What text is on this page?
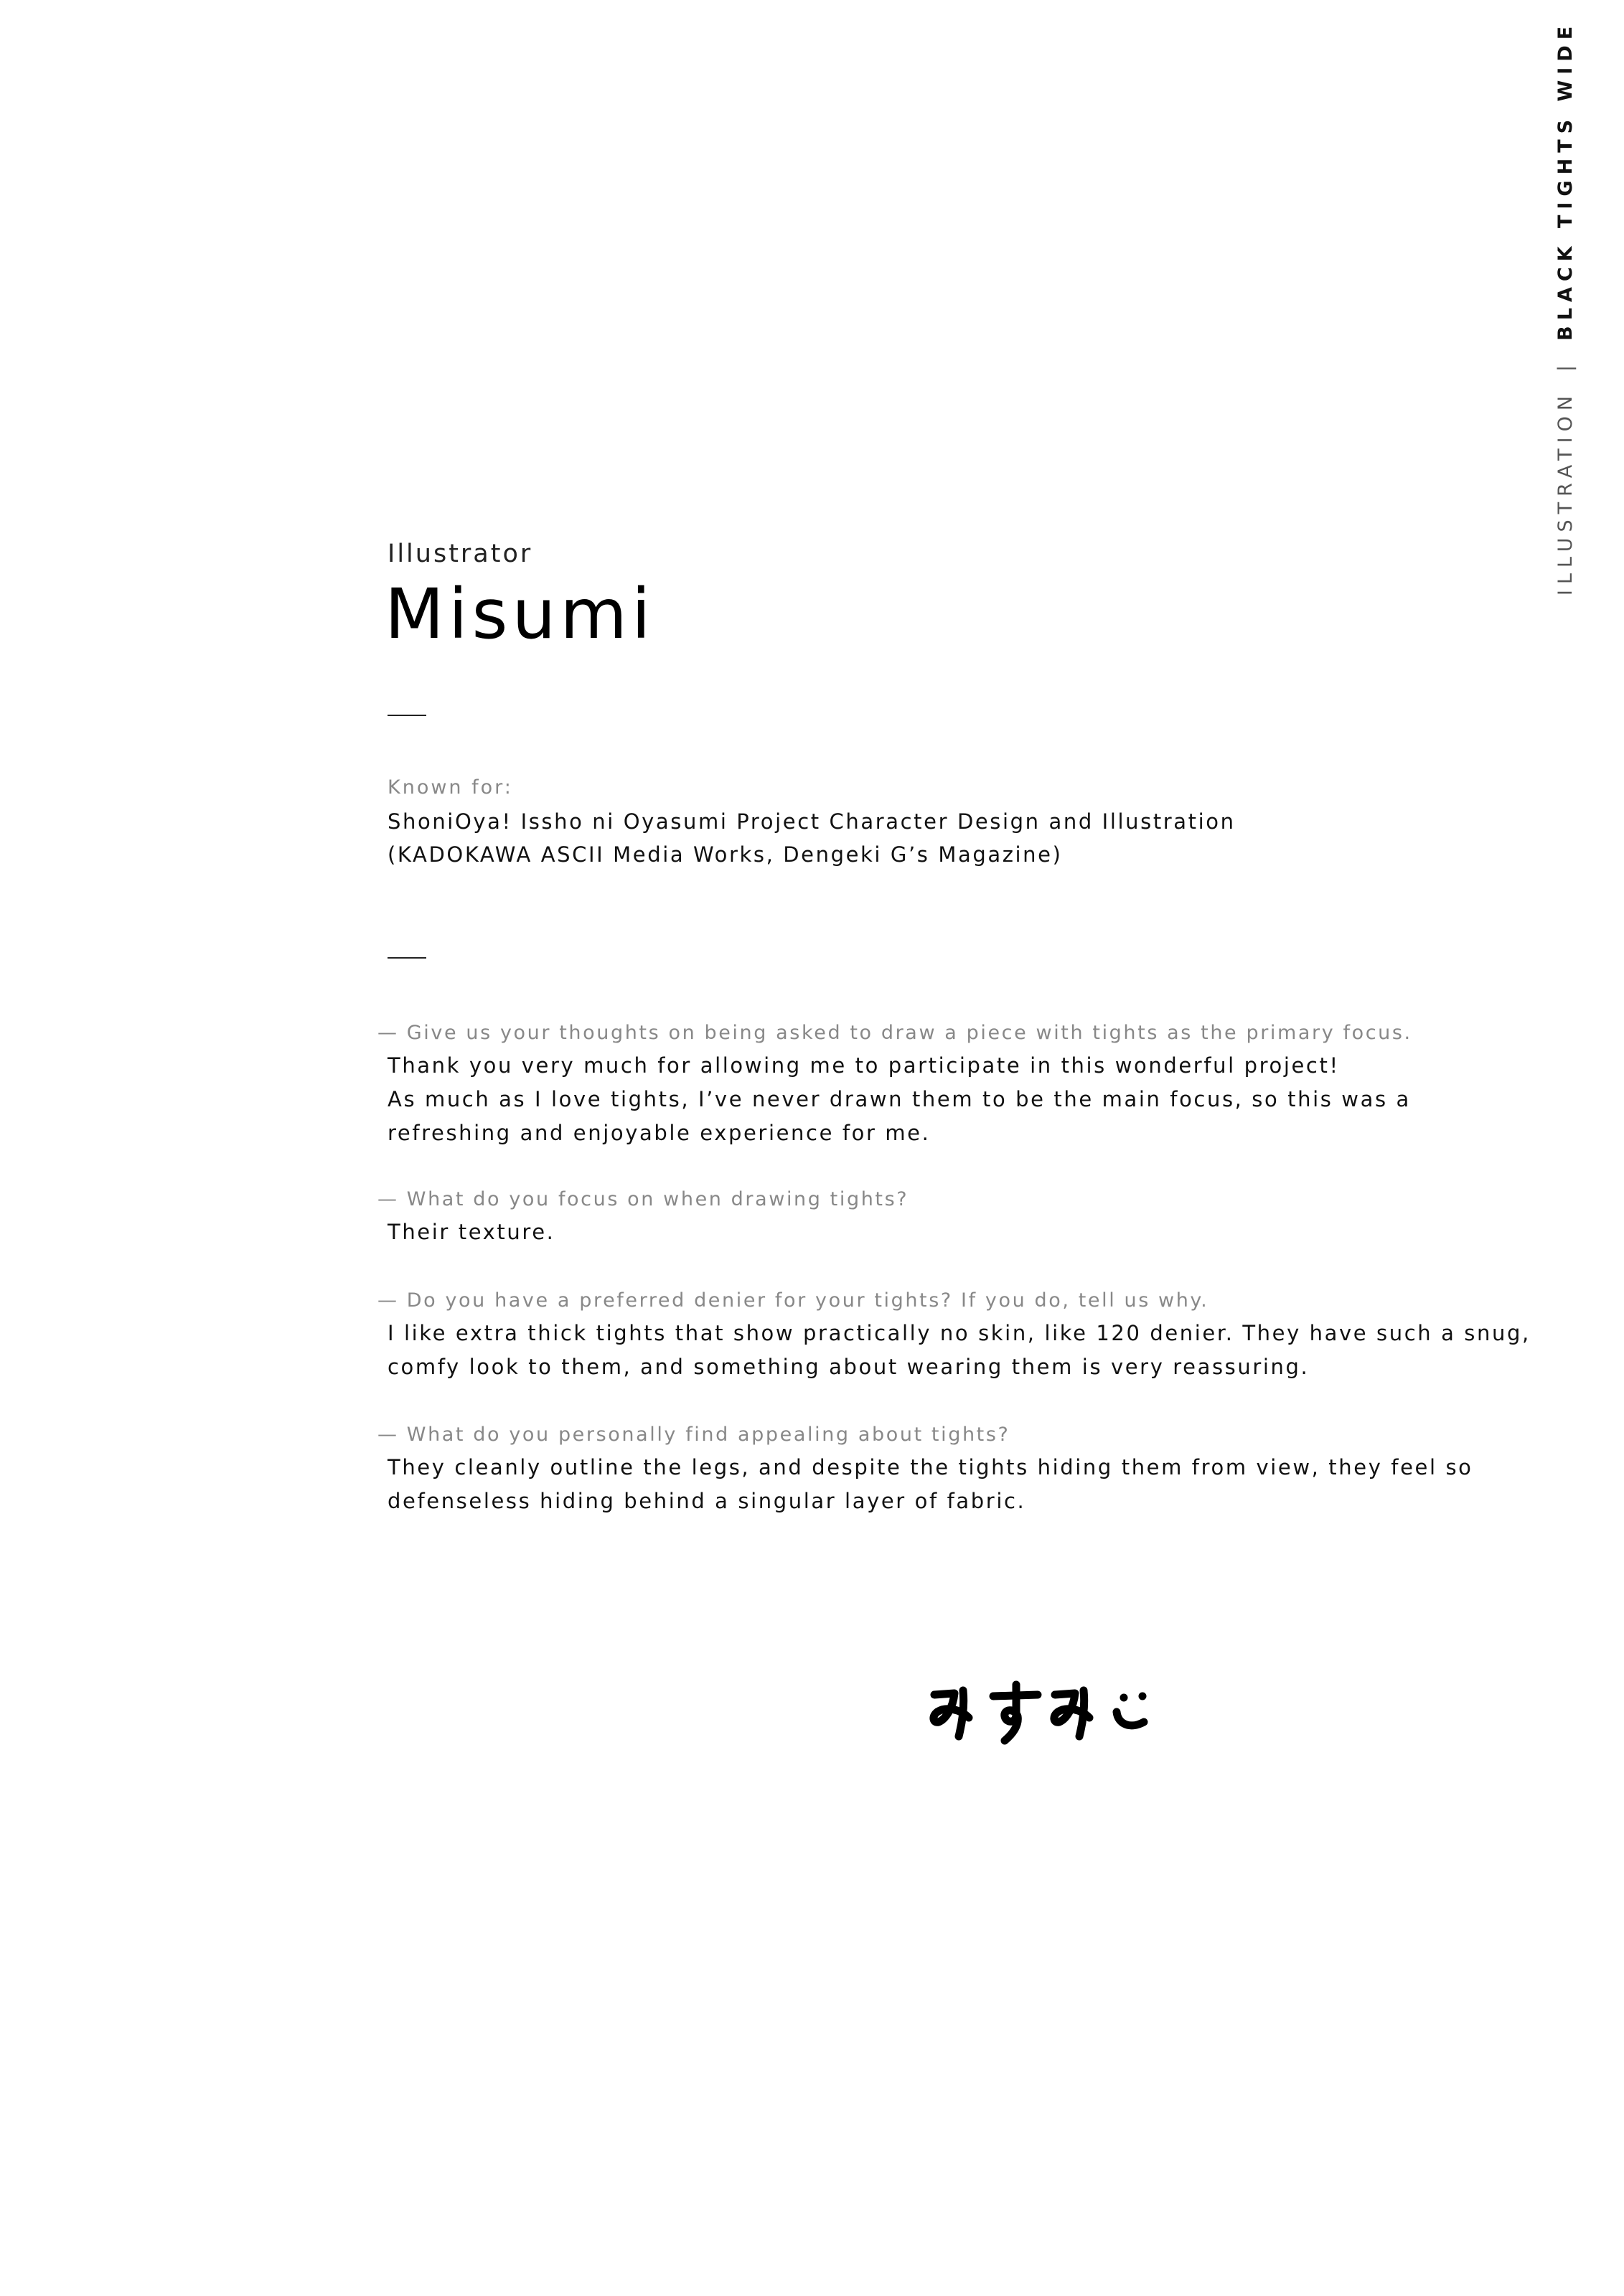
ILLUSTRATION
|
BLACK TIGHTS WIDE
Illustrator
Misumi
Known for:
ShoniOya! Issho ni Oyasumi Project Character Design and Illustration
(KADOKAWA ASCII Media Works, Dengeki G’s Magazine)
— Give us your thoughts on being asked to draw a piece with tights as the primary focus.
Thank you very much for allowing me to participate in this wonderful project!
As much as I love tights, I’ve never drawn them to be the main focus, so this was a
refreshing and enjoyable experience for me.
— What do you focus on when drawing tights?
Their texture.
— Do you have a preferred denier for your tights? If you do, tell us why.
I like extra thick tights that show practically no skin, like 120 denier. They have such a snug,
comfy look to them, and something about wearing them is very reassuring.
— What do you personally find appealing about tights?
They cleanly outline the legs, and despite the tights hiding them from view, they feel so
defenseless hiding behind a singular layer of fabric.
